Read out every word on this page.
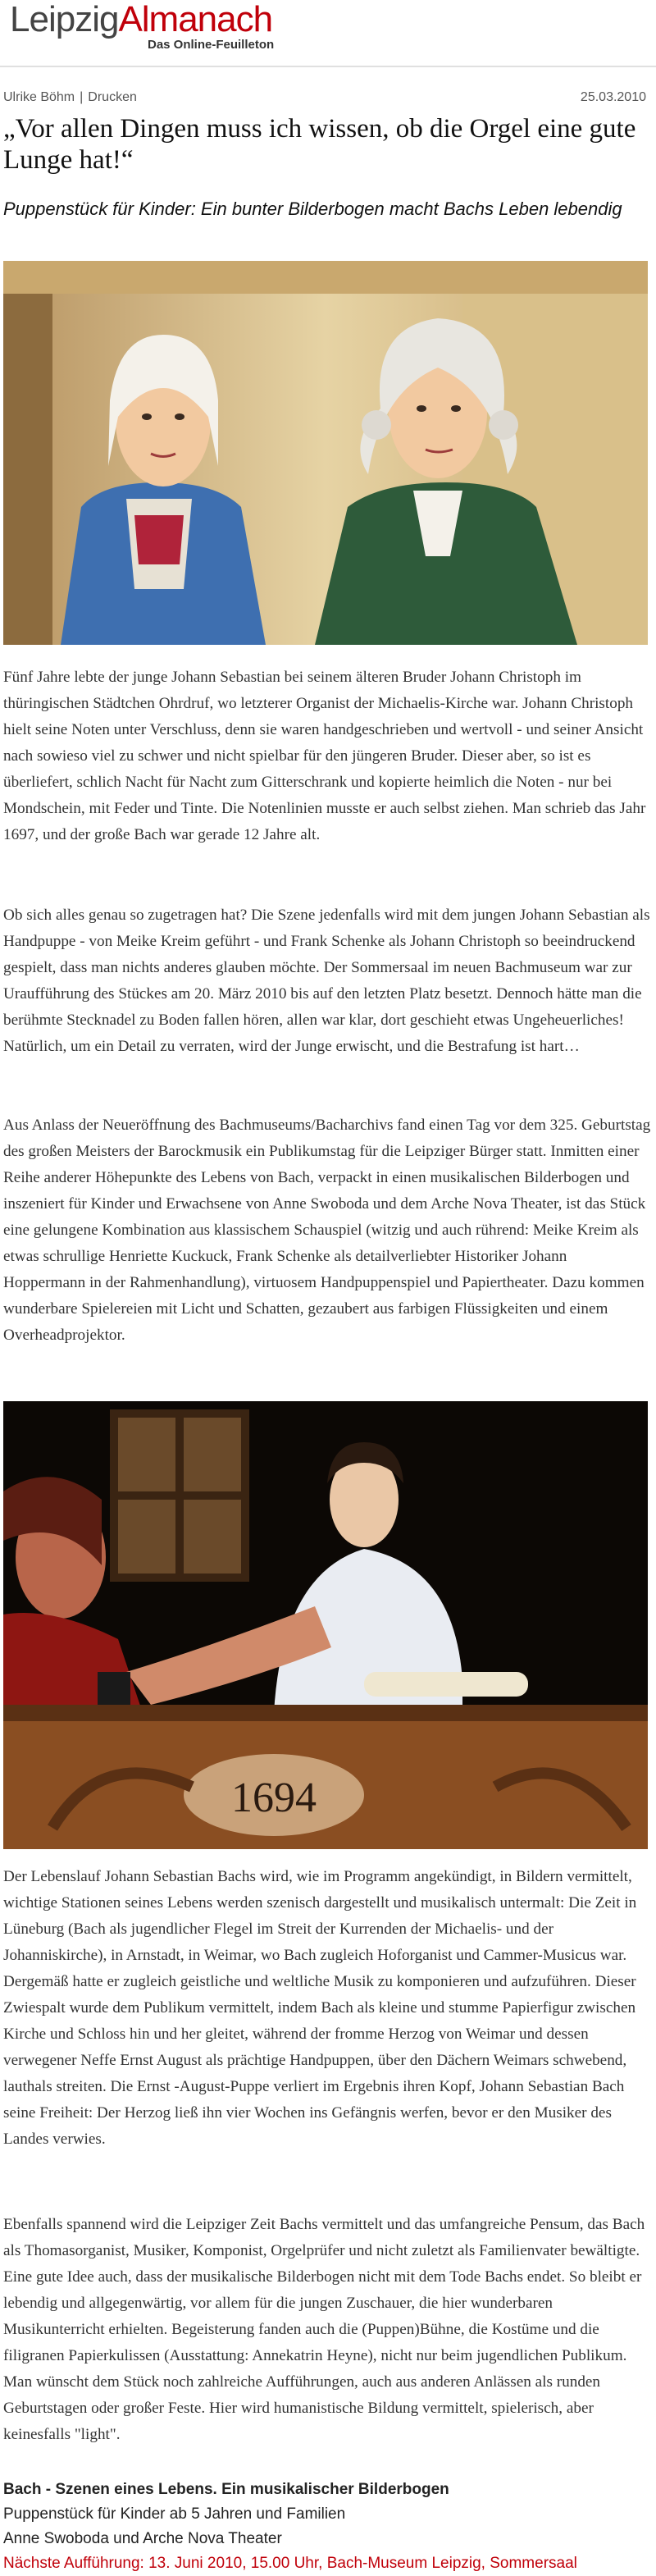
LeipzigAlmanach
Das Online-Feuilleton
Ulrike Böhm | Drucken	25.03.2010
„Vor allen Dingen muss ich wissen, ob die Orgel eine gute Lunge hat!“
Puppenstück für Kinder: Ein bunter Bilderbogen macht Bachs Leben lebendig

Fünf Jahre lebte der junge Johann Sebastian bei seinem älteren Bruder Johann Christoph im thüringischen Städtchen Ohrdruf, wo letzterer Organist der Michaelis-Kirche war. Johann Christoph hielt seine Noten unter Verschluss, denn sie waren handgeschrieben und wertvoll - und seiner Ansicht nach sowieso viel zu schwer und nicht spielbar für den jüngeren Bruder. Dieser aber, so ist es überliefert, schlich Nacht für Nacht zum Gitterschrank und kopierte heimlich die Noten - nur bei Mondschein, mit Feder und Tinte. Die Notenlinien musste er auch selbst ziehen. Man schrieb das Jahr 1697, und der große Bach war gerade 12 Jahre alt.

Ob sich alles genau so zugetragen hat? Die Szene jedenfalls wird mit dem jungen Johann Sebastian als Handpuppe - von Meike Kreim geführt - und Frank Schenke als Johann Christoph so beeindruckend gespielt, dass man nichts anderes glauben möchte. Der Sommersaal im neuen Bachmuseum war zur Uraufführung des Stückes am 20. März 2010 bis auf den letzten Platz besetzt. Dennoch hätte man die berühmte Stecknadel zu Boden fallen hören, allen war klar, dort geschieht etwas Ungeheuerliches! Natürlich, um ein Detail zu verraten, wird der Junge erwischt, und die Bestrafung ist hart…

Aus Anlass der Neueröffnung des Bachmuseums/Bacharchivs fand einen Tag vor dem 325. Geburtstag des großen Meisters der Barockmusik ein Publikumstag für die Leipziger Bürger statt. Inmitten einer Reihe anderer Höhepunkte des Lebens von Bach, verpackt in einen musikalischen Bilderbogen und inszeniert für Kinder und Erwachsene von Anne Swoboda und dem Arche Nova Theater, ist das Stück eine gelungene Kombination aus klassischem Schauspiel (witzig und auch rührend: Meike Kreim als etwas schrullige Henriette Kuckuck, Frank Schenke als detailverliebter Historiker Johann Hoppermann in der Rahmenhandlung), virtuosem Handpuppenspiel und Papiertheater. Dazu kommen wunderbare Spielereien mit Licht und Schatten, gezaubert aus farbigen Flüssigkeiten und einem Overheadprojektor.

1694

Der Lebenslauf Johann Sebastian Bachs wird, wie im Programm angekündigt, in Bildern vermittelt, wichtige Stationen seines Lebens werden szenisch dargestellt und musikalisch untermalt: Die Zeit in Lüneburg (Bach als jugendlicher Flegel im Streit der Kurrenden der Michaelis- und der Johanniskirche), in Arnstadt, in Weimar, wo Bach zugleich Hoforganist und Cammer-Musicus war. Dergemäß hatte er zugleich geistliche und weltliche Musik zu komponieren und aufzuführen. Dieser Zwiespalt wurde dem Publikum vermittelt, indem Bach als kleine und stumme Papierfigur zwischen Kirche und Schloss hin und her gleitet, während der fromme Herzog von Weimar und dessen verwegener Neffe Ernst August als prächtige Handpuppen, über den Dächern Weimars schwebend, lauthals streiten. Die Ernst -August-Puppe verliert im Ergebnis ihren Kopf, Johann Sebastian Bach seine Freiheit: Der Herzog ließ ihn vier Wochen ins Gefängnis werfen, bevor er den Musiker des Landes verwies.

Ebenfalls spannend wird die Leipziger Zeit Bachs vermittelt und das umfangreiche Pensum, das Bach als Thomasorganist, Musiker, Komponist, Orgelprüfer und nicht zuletzt als Familienvater bewältigte. Eine gute Idee auch, dass der musikalische Bilderbogen nicht mit dem Tode Bachs endet. So bleibt er lebendig und allgegenwärtig, vor allem für die jungen Zuschauer, die hier wunderbaren Musikunterricht erhielten. Begeisterung fanden auch die (Puppen)Bühne, die Kostüme und die filigranen Papierkulissen (Ausstattung: Annekatrin Heyne), nicht nur beim jugendlichen Publikum. Man wünscht dem Stück noch zahlreiche Aufführungen, auch aus anderen Anlässen als runden Geburtstagen oder großer Feste. Hier wird humanistische Bildung vermittelt, spielerisch, aber keinesfalls "light".

Bach - Szenen eines Lebens. Ein musikalischer Bilderbogen
Puppenstück für Kinder ab 5 Jahren und Familien
Anne Swoboda und Arche Nova Theater
Nächste Aufführung: 13. Juni 2010, 15.00 Uhr, Bach-Museum Leipzig, Sommersaal
